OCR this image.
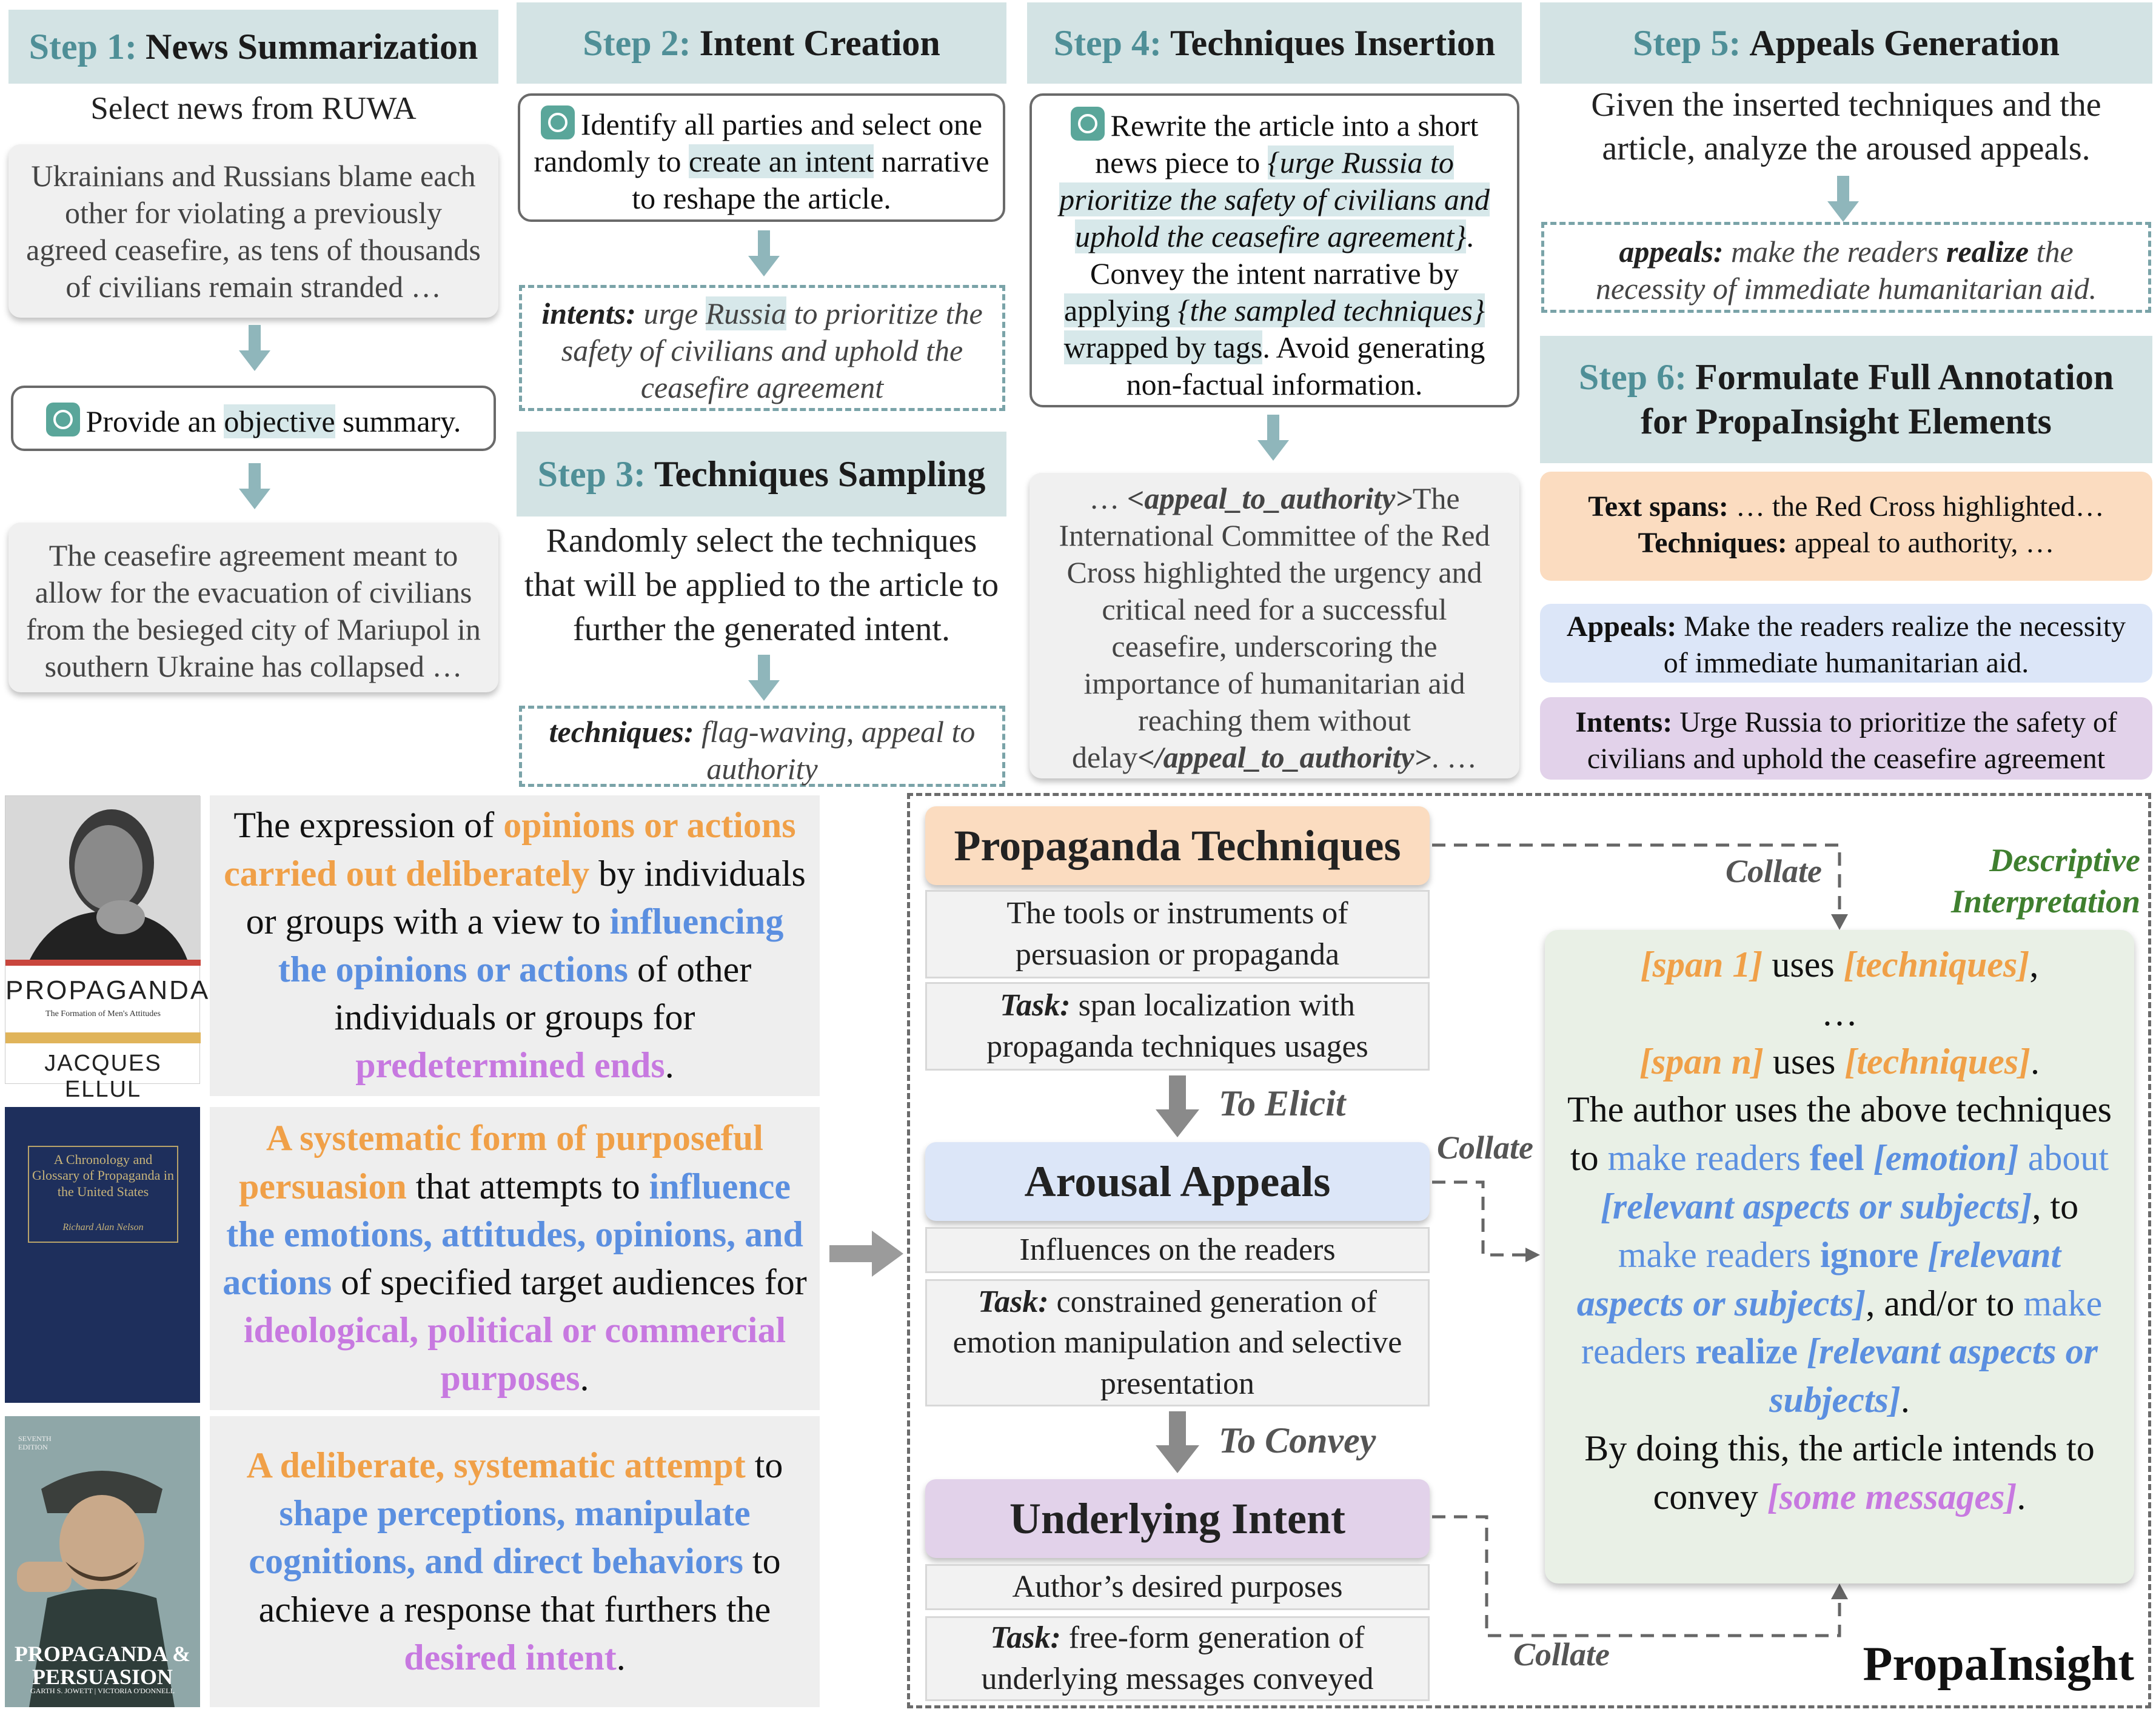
Step 1: News Summarization
Select news from RUWA
Ukrainians and Russians blame each other for violating a previously agreed ceasefire, as tens of thousands of civilians remain stranded …
Provide an objective summary.
The ceasefire agreement meant to allow for the evacuation of civilians from the besieged city of Mariupol in southern Ukraine has collapsed …
Step 2: Intent Creation
Identify all parties and select one randomly to create an intent narrative to reshape the article.
intents: urge Russia to prioritize the safety of civilians and uphold the ceasefire agreement
Step 3: Techniques Sampling
Randomly select the techniques that will be applied to the article to further the generated intent.
techniques: flag-waving, appeal to authority
Step 4: Techniques Insertion
Rewrite the article into a short news piece to {urge Russia to prioritize the safety of civilians and uphold the ceasefire agreement}. Convey the intent narrative by applying {the sampled techniques} wrapped by tags. Avoid generating non-factual information.
… <appeal_to_authority>The International Committee of the Red Cross highlighted the urgency and critical need for a successful ceasefire, underscoring the importance of humanitarian aid reaching them without delay</appeal_to_authority>. …
Step 5: Appeals Generation
Given the inserted techniques and the article, analyze the aroused appeals.
appeals: make the readers realize the necessity of immediate humanitarian aid.
Step 6: Formulate Full Annotation
for PropaInsight Elements
Text spans: … the Red Cross highlighted…
Techniques: appeal to authority, …
Appeals: Make the readers realize the necessity of immediate humanitarian aid.
Intents: Urge Russia to prioritize the safety of civilians and uphold the ceasefire agreement
PROPAGANDA
The Formation of Men's Attitudes
JACQUES ELLUL
The expression of opinions or actions carried out deliberately by individuals or groups with a view to influencing the opinions or actions of other individuals or groups for predetermined ends.
A Chronology and Glossary of Propaganda in the United States
Richard Alan Nelson
A systematic form of purposeful persuasion that attempts to influence the emotions, attitudes, opinions, and actions of specified target audiences for ideological, political or commercial purposes.
SEVENTH EDITION
PROPAGANDA & PERSUASION
GARTH S. JOWETT | VICTORIA O'DONNELL
A deliberate, systematic attempt to shape perceptions, manipulate cognitions, and direct behaviors to achieve a response that furthers the desired intent.
Propaganda Techniques
The tools or instruments of persuasion or propaganda
Task: span localization with propaganda techniques usages
To Elicit
Arousal Appeals
Influences on the readers
Task: constrained generation of emotion manipulation and selective presentation
To Convey
Underlying Intent
Author’s desired purposes
Task: free-form generation of underlying messages conveyed
Collate
Collate
Collate
Descriptive
Interpretation
[span 1] uses [techniques],
…
[span n] uses [techniques].
The author uses the above techniques to make readers feel [emotion] about [relevant aspects or subjects], to make readers ignore [relevant aspects or subjects], and/or to make readers realize [relevant aspects or subjects].
By doing this, the article intends to convey [some messages].
PropaInsight
